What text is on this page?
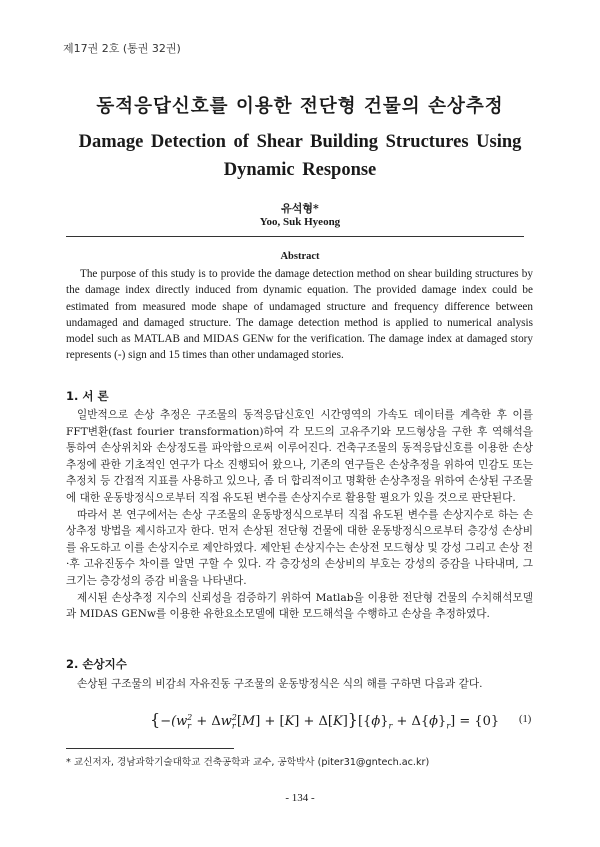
제17권 2호 (통권 32권)
동적응답신호를 이용한 전단형 건물의 손상추정
Damage Detection of Shear Building Structures Using Dynamic Response
유석형*
Yoo, Suk Hyeong
Abstract
The purpose of this study is to provide the damage detection method on shear building structures by the damage index directly induced from dynamic equation. The provided damage index could be estimated from measured mode shape of undamaged structure and frequency difference between undamaged and damaged structure. The damage detection method is applied to numerical analysis model such as MATLAB and MIDAS GENw for the verification. The damage index at damaged story represents (-) sign and 15 times than other undamaged stories.
1. 서 론

일반적으로 손상 추정은 구조물의 동적응답신호인 시간영역의 가속도 데이터를 계측한 후 이를 FFT변환(fast fourier transformation)하여 각 모드의 고유주기와 모드형상을 구한 후 역해석을 통하여 손상위치와 손상정도를 파악함으로써 이루어진다. 건축구조물의 동적응답신호를 이용한 손상추정에 관한 기초적인 연구가 다소 진행되어 왔으나, 기존의 연구들은 손상추정을 위하여 민감도 또는 추정치 등 간접적 지표를 사용하고 있으나, 좀 더 합리적이고 명확한 손상추정을 위하여 손상된 구조물에 대한 운동방정식으로부터 직접 유도된 변수를 손상지수로 활용할 필요가 있을 것으로 판단된다.

따라서 본 연구에서는 손상 구조물의 운동방정식으로부터 직접 유도된 변수를 손상지수로 하는 손상추정 방법을 제시하고자 한다. 먼저 손상된 전단형 건물에 대한 운동방정식으로부터 층강성 손상비를 유도하고 이를 손상지수로 제안하였다. 제안된 손상지수는 손상전 모드형상 및 강성 그리고 손상 전·후 고유진동수 차이를 알면 구할 수 있다. 각 층강성의 손상비의 부호는 강성의 증감을 나타내며, 그 크기는 층강성의 증감 비율을 나타낸다.

제시된 손상추정 지수의 신뢰성을 검증하기 위하여 Matlab을 이용한 전단형 건물의 수치해석모델과 MIDAS GENw를 이용한 유한요소모델에 대한 모드해석을 수행하고 손상을 추정하였다.

2. 손상지수

손상된 구조물의 비감쇠 자유진동 구조물의 운동방정식은 식의 해를 구하면 다음과 같다.

{$-(w_r^2 + \Delta w_r^2[M] + [K] + \Delta[K]\}[\{\phi\}_r + \Delta\{\phi\}_r] = \{0\}$ (1)
* 교신저자, 경남과학기술대학교 건축공학과 교수, 공학박사 (piter31@gntech.ac.kr)
- 134 -
